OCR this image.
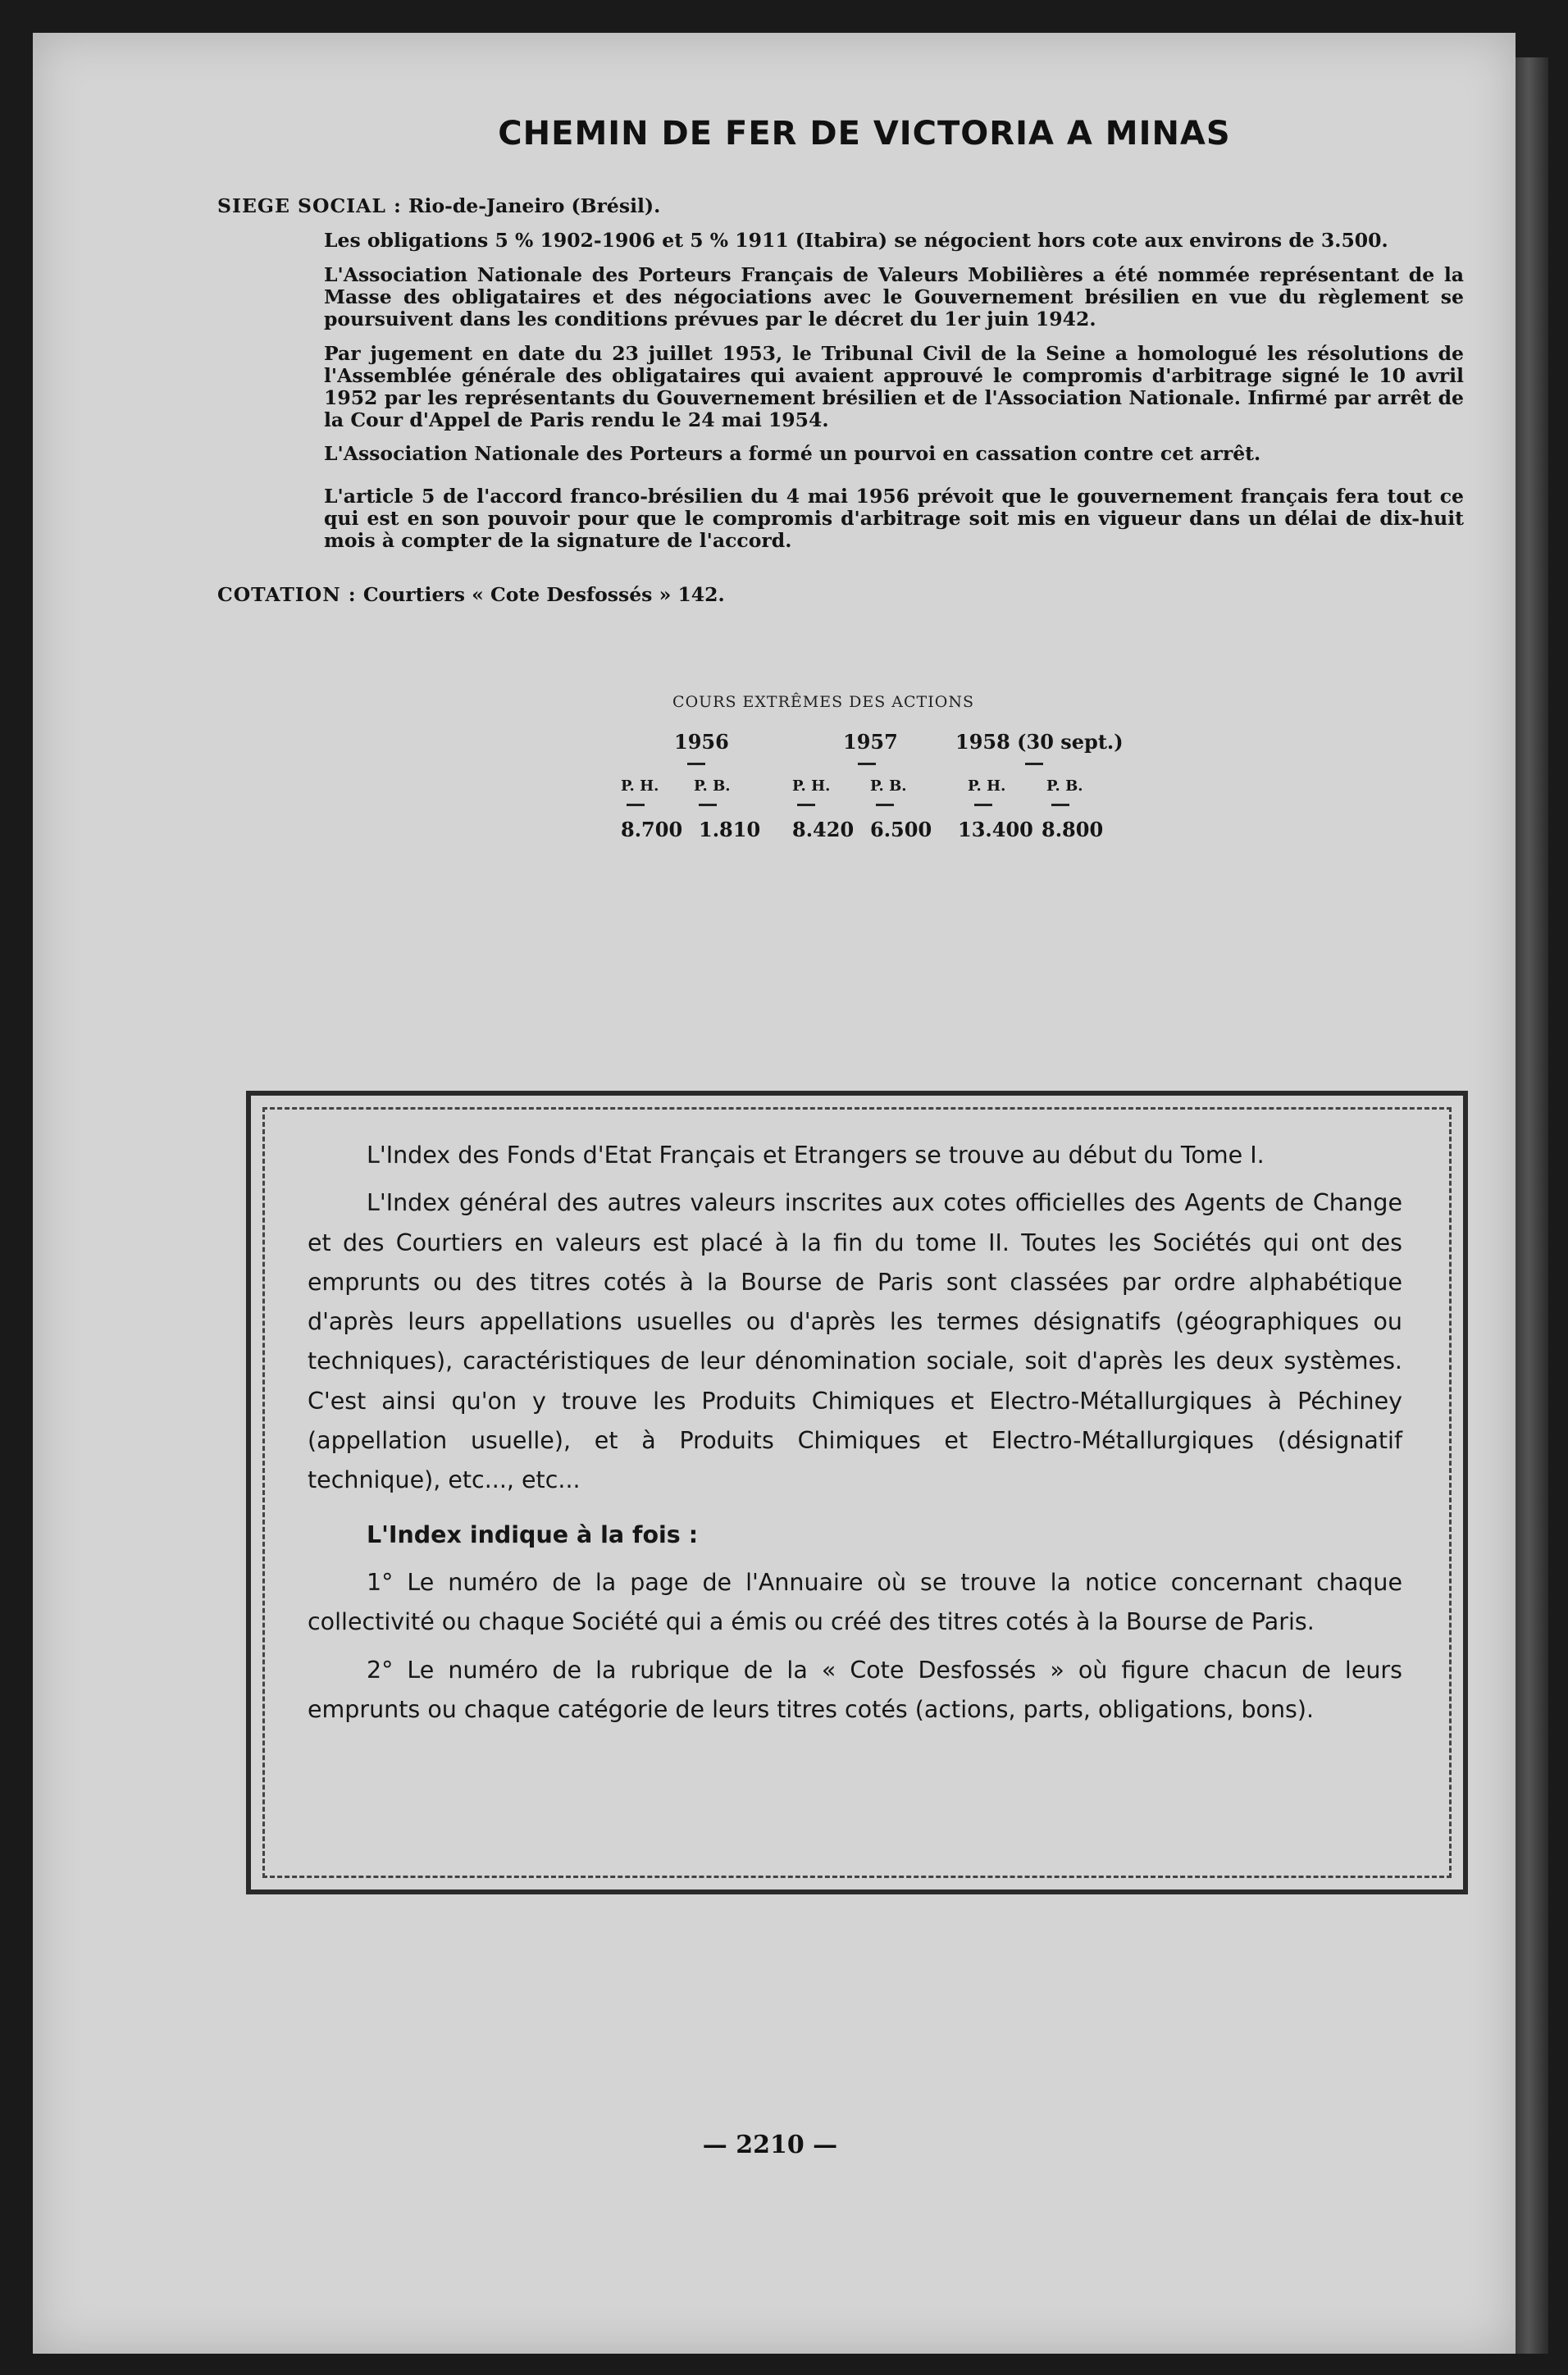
CHEMIN DE FER DE VICTORIA A MINAS
SIEGE SOCIAL : Rio-de-Janeiro (Brésil).
Les obligations 5 % 1902-1906 et 5 % 1911 (Itabira) se négocient hors cote aux environs de 3.500.
L'Association Nationale des Porteurs Français de Valeurs Mobilières a été nommée représentant de la Masse des obligataires et des négociations avec le Gouvernement brésilien en vue du règlement se poursuivent dans les conditions prévues par le décret du 1er juin 1942.
Par jugement en date du 23 juillet 1953, le Tribunal Civil de la Seine a homologué les résolutions de l'Assemblée générale des obligataires qui avaient approuvé le compromis d'arbitrage signé le 10 avril 1952 par les représentants du Gouvernement brésilien et de l'Association Nationale. Infirmé par arrêt de la Cour d'Appel de Paris rendu le 24 mai 1954.
L'Association Nationale des Porteurs a formé un pourvoi en cassation contre cet arrêt.
L'article 5 de l'accord franco-brésilien du 4 mai 1956 prévoit que le gouvernement français fera tout ce qui est en son pouvoir pour que le compromis d'arbitrage soit mis en vigueur dans un délai de dix-huit mois à compter de la signature de l'accord.
COTATION : Courtiers « Cote Desfossés » 142.
COURS EXTRÊMES DES ACTIONS
1956	1957	1958 (30 sept.)
P. H. P. B.	P. H.	P. B.	P. H.	P. B.
8.700 1.810 8.420 6.500 13.400 8.800

L'Index des Fonds d'Etat Français et Etrangers se trouve au début du Tome I.

L'Index général des autres valeurs inscrites aux cotes officielles des Agents de Change et des Courtiers en valeurs est placé à la fin du tome II. Toutes les Sociétés qui ont des emprunts ou des titres cotés à la Bourse de Paris sont classées par ordre alphabétique d'après leurs appellations usuelles ou d'après les termes désignatifs (géographiques ou techniques), caractéristiques de leur dénomination sociale, soit d'après les deux systèmes. C'est ainsi qu'on y trouve les Produits Chimiques et Electro-Métallurgiques à Péchiney (appellation usuelle), et à Produits Chimiques et Electro-Métallurgiques (désignatif technique), etc..., etc...

L'Index indique à la fois :

1° Le numéro de la page de l'Annuaire où se trouve la notice concernant chaque collectivité ou chaque Société qui a émis ou créé des titres cotés à la Bourse de Paris.

2° Le numéro de la rubrique de la « Cote Desfossés » où figure chacun de leurs emprunts ou chaque catégorie de leurs titres cotés (actions, parts, obligations, bons).

— 2210 —
